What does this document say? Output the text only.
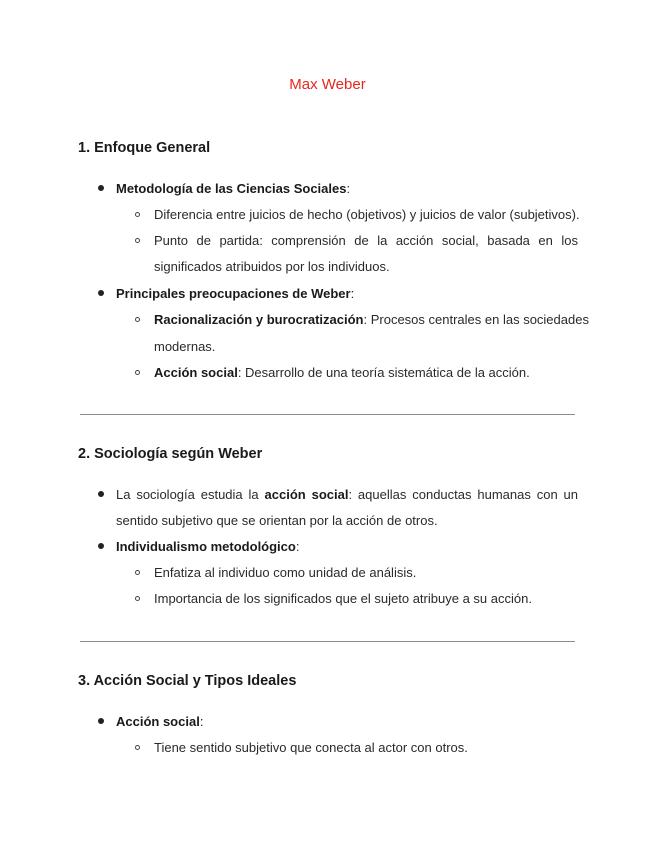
Max Weber
1. Enfoque General
Metodología de las Ciencias Sociales:
Diferencia entre juicios de hecho (objetivos) y juicios de valor (subjetivos).
Punto de partida: comprensión de la acción social, basada en los
significados atribuidos por los individuos.
Principales preocupaciones de Weber:
Racionalización y burocratización: Procesos centrales en las sociedades
modernas.
Acción social: Desarrollo de una teoría sistemática de la acción.
2. Sociología según Weber
La sociología estudia la acción social: aquellas conductas humanas con un
sentido subjetivo que se orientan por la acción de otros.
Individualismo metodológico:
Enfatiza al individuo como unidad de análisis.
Importancia de los significados que el sujeto atribuye a su acción.
3. Acción Social y Tipos Ideales
Acción social:
Tiene sentido subjetivo que conecta al actor con otros.
